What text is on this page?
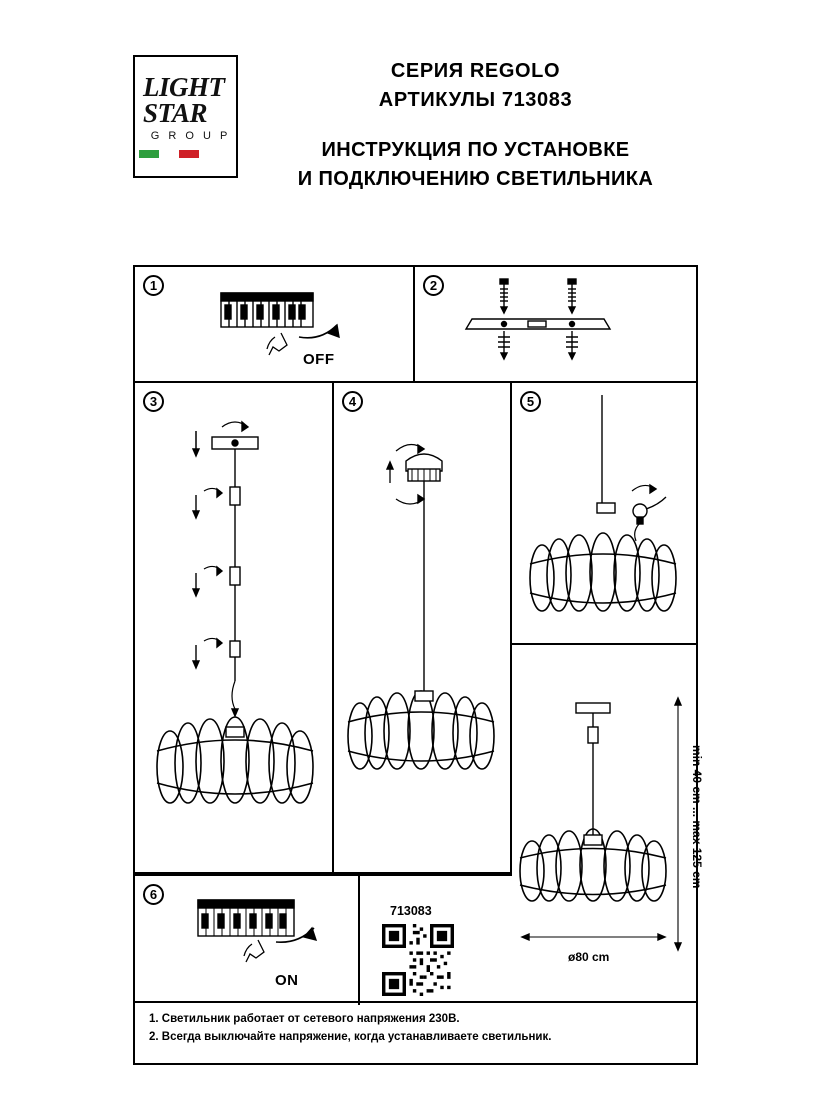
LIGHT
STAR
G R O U P
СЕРИЯ REGOLO
АРТИКУЛЫ 713083
ИНСТРУКЦИЯ ПО УСТАНОВКЕ
И ПОДКЛЮЧЕНИЮ СВЕТИЛЬНИКА
1
OFF
2
3	4	5
min 40 cm ... max 125 cm
ø80 cm
6
ON
713083

1. Светильник работает от сетевого напряжения 230В.

2. Всегда выключайте напряжение, когда устанавливаете светильник.
